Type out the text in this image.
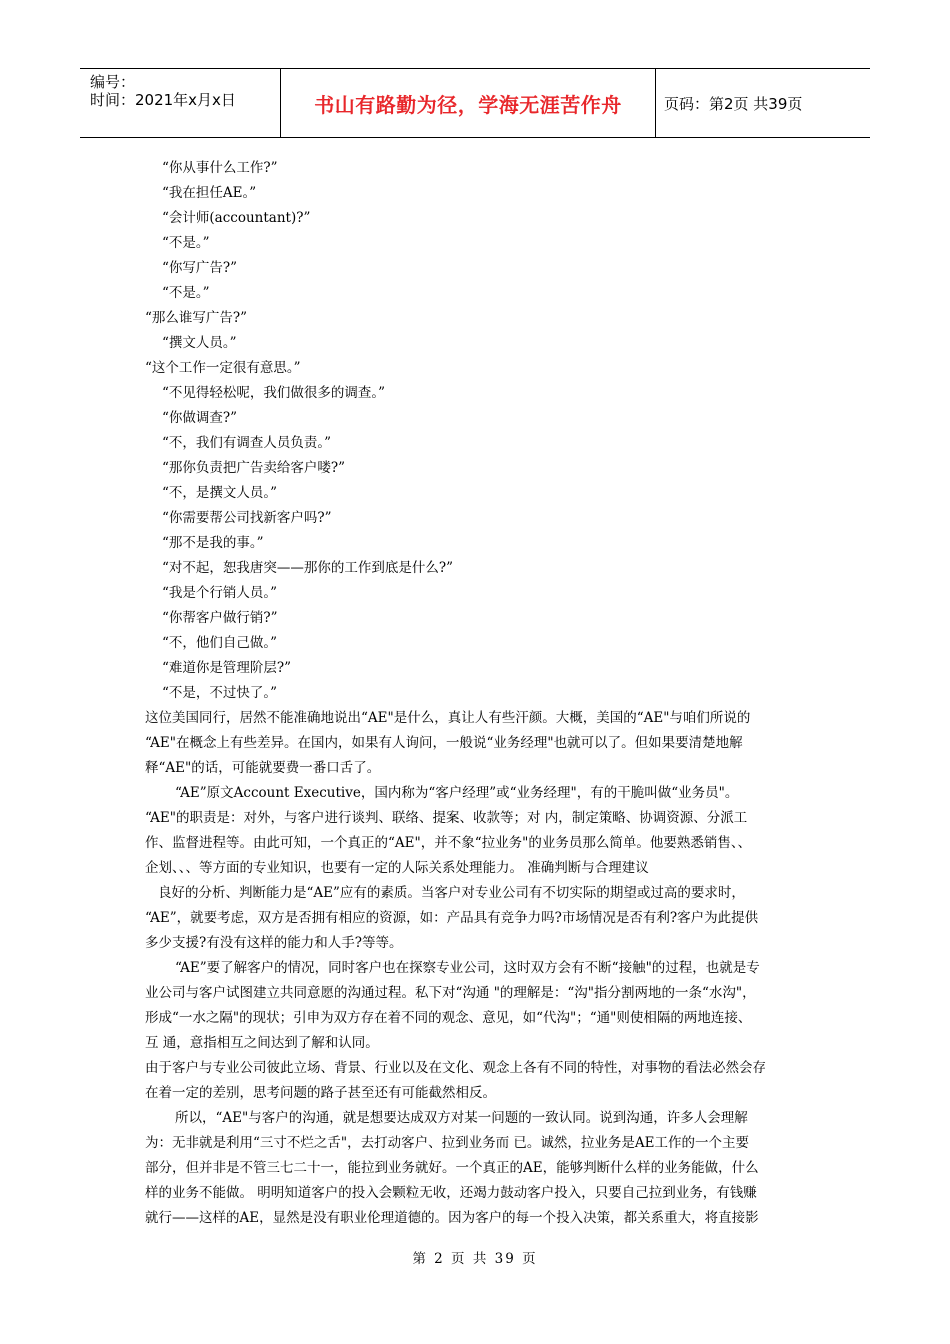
编号：
时间：2021年x月x日	书山有路勤为径，学海无涯苦作舟	页码：第2页 共39页
“你从事什么工作?”
“我在担任AE。”
“会计师(accountant)?”
“不是。”
“你写广告?”
“不是。”
“那么谁写广告?”
“撰文人员。”
“这个工作一定很有意思。”
“不见得轻松呢，我们做很多的调查。”
“你做调查?”
“不，我们有调查人员负责。”
“那你负责把广告卖给客户喽?”
“不，是撰文人员。”
“你需要帮公司找新客户吗?”
“那不是我的事。”
“对不起，恕我唐突——那你的工作到底是什么?”
“我是个行销人员。”
“你帮客户做行销?”
“不，他们自己做。”
“难道你是管理阶层?”
“不是，不过快了。”
这位美国同行，居然不能准确地说出“AE"是什么，真让人有些汗颜。大概，美国的“AE"与咱们所说的
“AE"在概念上有些差异。在国内，如果有人询问，一般说“业务经理"也就可以了。但如果要清楚地解
释“AE"的话，可能就要费一番口舌了。
“AE”原文Account Executive，国内称为“客户经理”或“业务经理"，有的干脆叫做“业务员"。
“AE"的职责是：对外，与客户进行谈判、联络、提案、收款等；对 内，制定策略、协调资源、分派工
作、监督进程等。由此可知，一个真正的“AE"，并不象“拉业务"的业务员那么简单。他要熟悉销售、、
企划、、、等方面的专业知识，也要有一定的人际关系处理能力。 准确判断与合理建议
良好的分析、判断能力是“AE”应有的素质。当客户对专业公司有不切实际的期望或过高的要求时，
“AE”，就要考虑，双方是否拥有相应的资源，如：产品具有竞争力吗?市场情况是否有利?客户为此提供
多少支援?有没有这样的能力和人手?等等。
“AE”要了解客户的情况，同时客户也在探察专业公司，这时双方会有不断“接触"的过程，也就是专
业公司与客户试图建立共同意愿的沟通过程。私下对“沟通 "的理解是：“沟"指分割两地的一条“水沟"，
形成“一水之隔"的现状；引申为双方存在着不同的观念、意见，如“代沟"；“通"则使相隔的两地连接、
互 通，意指相互之间达到了解和认同。
由于客户与专业公司彼此立场、背景、行业以及在文化、观念上各有不同的特性，对事物的看法必然会存
在着一定的差别，思考问题的路子甚至还有可能截然相反。
所以，“AE"与客户的沟通，就是想要达成双方对某一问题的一致认同。说到沟通，许多人会理解
为：无非就是利用“三寸不烂之舌"，去打动客户、拉到业务而 已。诚然，拉业务是AE工作的一个主要
部分，但并非是不管三七二十一，能拉到业务就好。一个真正的AE，能够判断什么样的业务能做，什么
样的业务不能做。 明明知道客户的投入会颗粒无收，还竭力鼓动客户投入，只要自己拉到业务，有钱赚
就行——这样的AE，显然是没有职业伦理道德的。因为客户的每一个投入决策，都关系重大，将直接影
第 2 页 共 39 页
